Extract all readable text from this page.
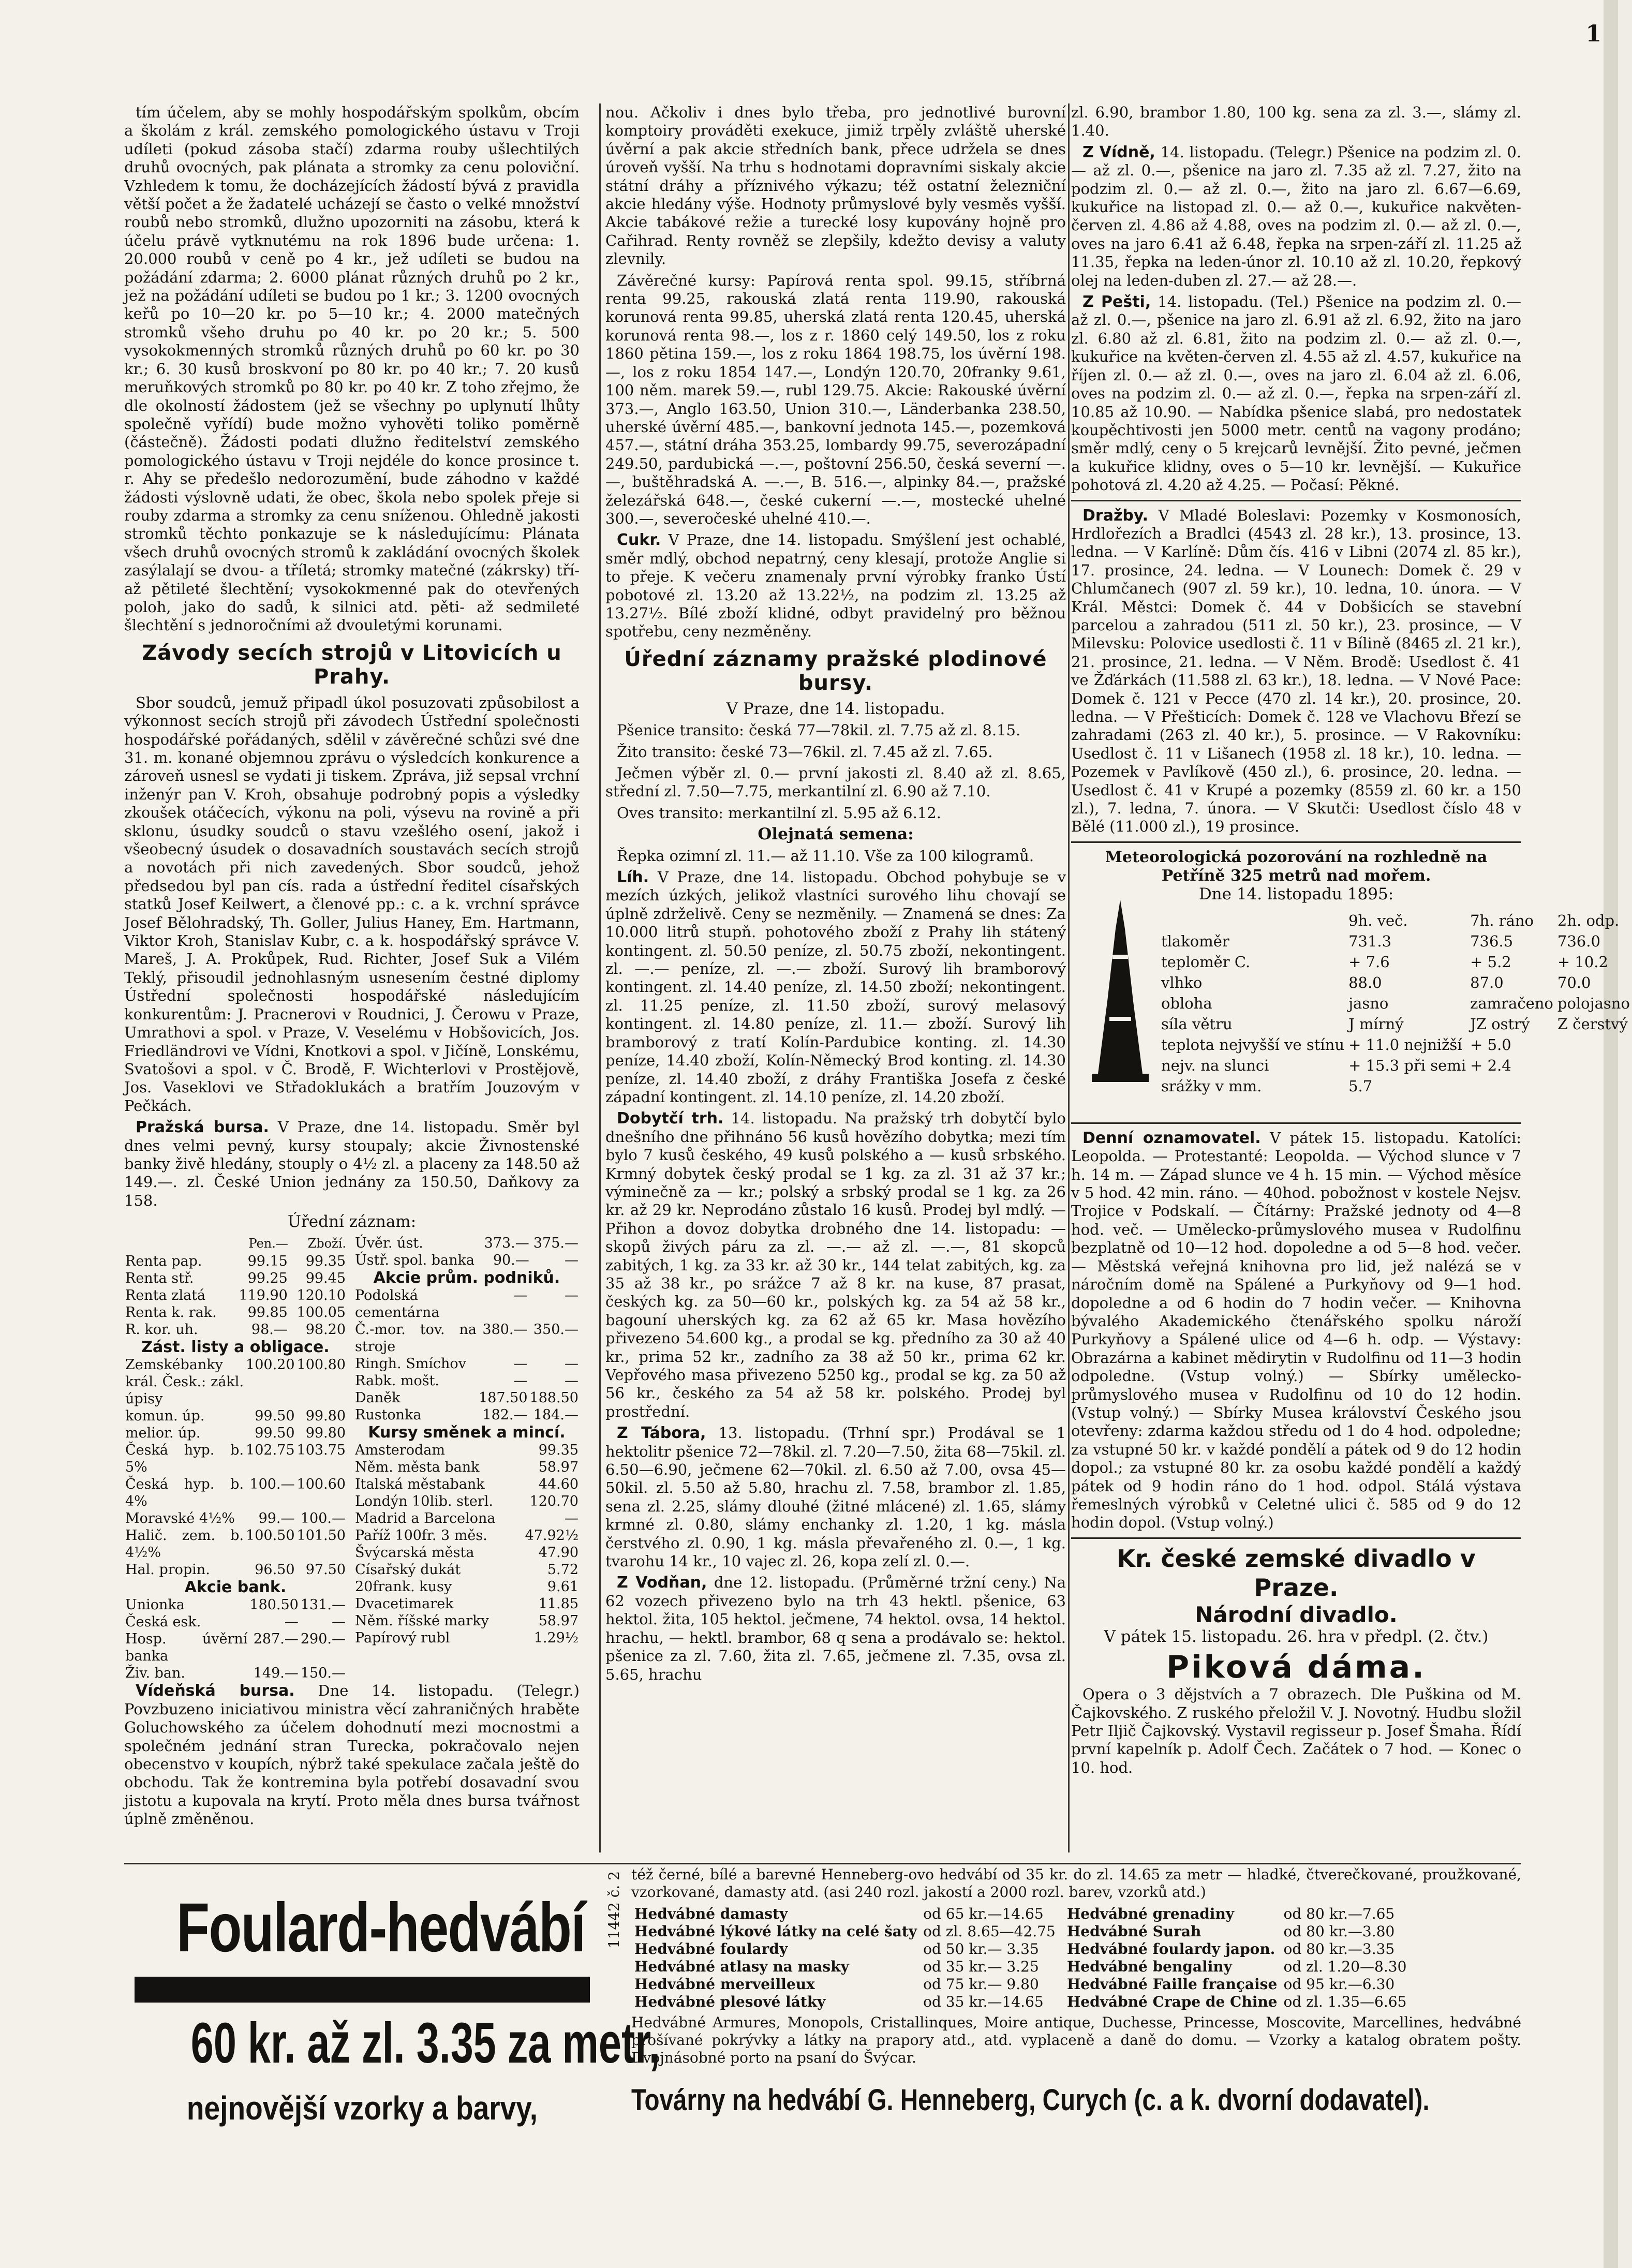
1

tím účelem, aby se mohly hospodářským spolkům, obcím a školám z král. zemského pomologického ústavu v Troji udíleti (pokud zásoba stačí) zdarma rouby ušlechtilých druhů ovocných, pak plánata a stromky za cenu poloviční. Vzhledem k tomu, že docházejících žádostí bývá z pravidla větší počet a že žadatelé ucházejí se často o velké množství roubů nebo stromků, dlužno upozorniti na zásobu, která k účelu právě vytknutému na rok 1896 bude určena: 1. 20.000 roubů v ceně po 4 kr., jež udíleti se budou na požádání zdarma; 2. 6000 plánat různých druhů po 2 kr., jež na požádání udíleti se budou po 1 kr.; 3. 1200 ovocných keřů po 10—20 kr. po 5—10 kr.; 4. 2000 matečných stromků všeho druhu po 40 kr. po 20 kr.; 5. 500 vysokokmenných stromků různých druhů po 60 kr. po 30 kr.; 6. 30 kusů broskvoní po 80 kr. po 40 kr.; 7. 20 kusů meruňkových stromků po 80 kr. po 40 kr. Z toho zřejmo, že dle okolností žádostem (jež se všechny po uplynutí lhůty společně vyřídí) bude možno vyhověti toliko poměrně (částečně). Žádosti podati dlužno ředitelství zemského pomologického ústavu v Troji nejdéle do konce prosince t. r. Ahy se předešlo nedorozumění, bude záhodno v každé žádosti výslovně udati, že obec, škola nebo spolek přeje si rouby zdarma a stromky za cenu sníženou. Ohledně jakosti stromků těchto ponkazuje se k následujícímu: Plánata všech druhů ovocných stromů k zakládání ovocných školek zasýlalají se dvou- a tříletá; stromky matečné (zákrsky) tří- až pětileté šlechtění; vysokokmenné pak do otevřených poloh, jako do sadů, k silnici atd. pěti- až sedmileté šlechtění s jednoročními až dvouletými korunami.

Závody secích strojů v Litovicích u Prahy.

Sbor soudců, jemuž připadl úkol posuzovati způsobilost a výkonnost secích strojů při závodech Ústřední společnosti hospodářské pořádaných, sdělil v závěrečné schůzi své dne 31. m. konané objemnou zprávu o výsledcích konkurence a zároveň usnesl se vydati ji tiskem. Zpráva, již sepsal vrchní inženýr pan V. Kroh, obsahuje podrobný popis a výsledky zkoušek otáčecích, výkonu na poli, výsevu na rovině a při sklonu, úsudky soudců o stavu vzešlého osení, jakož i všeobecný úsudek o dosavadních soustavách secích strojů a novotách při nich zavedených. Sbor soudců, jehož předsedou byl pan cís. rada a ústřední ředitel císařských statků Josef Keilwert, a členové pp.: c. a k. vrchní správce Josef Bělohradský, Th. Goller, Julius Haney, Em. Hartmann, Viktor Kroh, Stanislav Kubr, c. a k. hospodářský správce V. Mareš, J. A. Prokůpek, Rud. Richter, Josef Suk a Vilém Teklý, přisoudil jednohlasným usnesením čestné diplomy Ústřední společnosti hospodářské následujícím konkurentům: J. Pracnerovi v Roudnici, J. Čerowu v Praze, Umrathovi a spol. v Praze, V. Veselému v Hobšovicích, Jos. Friedländrovi ve Vídni, Knotkovi a spol. v Jičíně, Lonskému, Svatošovi a spol. v Č. Brodě, F. Wichterlovi v Prostějově, Jos. Vaseklovi ve Střadoklukách a bratřím Jouzovým v Pečkách.

Pražská bursa. V Praze, dne 14. listopadu. Směr byl dnes velmi pevný, kursy stoupaly; akcie Živnostenské banky živě hledány, stouply o 4½ zl. a placeny za 148.50 až 149.—. zl. České Union jednány za 150.50, Daňkovy za 158.

Úřední záznam:
	Pen.—	Zboží.
Renta pap.	99.15	99.35
Renta stř.	99.25	99.45
Renta zlatá	119.90	120.10
Renta k. rak.	99.85	100.05
R. kor. uh.	98.—	98.20
Zást. listy a obligace.
Zemskébanky král. Česk.: zákl. úpisy	100.20	100.80
komun. úp.	99.50	99.80
melior. úp.	99.50	99.80
Česká hyp. b. 5%	102.75	103.75
Česká hyp. b. 4%	100.—	100.60
Moravské 4½%	99.—	100.—
Halič. zem. b. 4½%	100.50	101.50
Hal. propin.	96.50	97.50
Akcie bank.
Unionka	180.50	131.—
Česká esk.	—	—
Hosp. úvěrní banka	287.—	290.—
Živ. ban.	149.—	150.—
Úvěr. úst.	373.—	375.—
Ústř. spol. banka	90.—	—
Akcie prům. podniků.
Podolská cementárna	—	—
Č.-mor. tov. na stroje	380.—	350.—
Ringh. Smíchov	—	—
Rabk. mošt.	—	—
Daněk	187.50	188.50
Rustonka	182.—	184.—
Kursy směnek a mincí.
Amsterodam	99.35
Něm. města bank	58.97
Italská městabank	44.60
Londýn 10lib. sterl.	120.70
Madrid a Barcelona	—
Paříž 100fr. 3 měs.	47.92½
Švýcarská města	47.90
Císařský dukát	5.72
20frank. kusy	9.61
Dvacetimarek	11.85
Něm. říšské marky	58.97
Papírový rubl	1.29½

Vídeňská bursa. Dne 14. listopadu. (Telegr.) Povzbuzeno iniciativou ministra věcí zahraničných hraběte Goluchowského za účelem dohodnutí mezi mocnostmi a společném jednání stran Turecka, pokračovalo nejen obecenstvo v koupích, nýbrž také spekulace začala ještě do obchodu. Tak že kontremina byla potřebí dosavadní svou jistotu a kupovala na krytí. Proto měla dnes bursa tvářnost úplně změněnou.

nou. Ačkoliv i dnes bylo třeba, pro jednotlivé burovní komptoiry prováděti exekuce, jimiž trpěly zvláště uherské úvěrní a pak akcie středních bank, přece udržela se dnes úroveň vyšší. Na trhu s hodnotami dopravními siskaly akcie státní dráhy a příznivého výkazu; též ostatní železniční akcie hledány výše. Hodnoty průmyslové byly vesměs vyšší. Akcie tabákové režie a turecké losy kupovány hojně pro Cařihrad. Renty rovněž se zlepšily, kdežto devisy a valuty zlevnily.

Závěrečné kursy: Papírová renta spol. 99.15, stříbrná renta 99.25, rakouská zlatá renta 119.90, rakouská korunová renta 99.85, uherská zlatá renta 120.45, uherská korunová renta 98.—, los z r. 1860 celý 149.50, los z roku 1860 pětina 159.—, los z roku 1864 198.75, los úvěrní 198.—, los z roku 1854 147.—, Londýn 120.70, 20franky 9.61, 100 něm. marek 59.—, rubl 129.75. Akcie: Rakouské úvěrní 373.—, Anglo 163.50, Union 310.—, Länderbanka 238.50, uherské úvěrní 485.—, bankovní jednota 145.—, pozemková 457.—, státní dráha 353.25, lombardy 99.75, severozápadní 249.50, pardubická —.—, poštovní 256.50, česká severní —.—, buštěhradská A. —.—, B. 516.—, alpinky 84.—, pražské železářská 648.—, české cukerní —.—, mostecké uhelné 300.—, severočeské uhelné 410.—.

Cukr. V Praze, dne 14. listopadu. Smýšlení jest ochablé, směr mdlý, obchod nepatrný, ceny klesají, protože Anglie si to přeje. K večeru znamenaly první výrobky franko Ústí pobotové zl. 13.20 až 13.22½, na podzim zl. 13.25 až 13.27½. Bílé zboží klidné, odbyt pravidelný pro běžnou spotřebu, ceny nezměněny.

Úřední záznamy pražské plodinové bursy.
V Praze, dne 14. listopadu.

Pšenice transito: česká 77—78kil. zl. 7.75 až zl. 8.15.

Žito transito: české 73—76kil. zl. 7.45 až zl. 7.65.

Ječmen výběr zl. 0.— první jakosti zl. 8.40 až zl. 8.65, střední zl. 7.50—7.75, merkantilní zl. 6.90 až 7.10.

Oves transito: merkantilní zl. 5.95 až 6.12.

Olejnatá semena:

Řepka ozimní zl. 11.— až 11.10. Vše za 100 kilogramů.

Líh. V Praze, dne 14. listopadu. Obchod pohybuje se v mezích úzkých, jelikož vlastníci surového lihu chovají se úplně zdrželivě. Ceny se nezměnily. — Znamená se dnes: Za 10.000 litrů stupň. pohotového zboží z Prahy lih státený kontingent. zl. 50.50 peníze, zl. 50.75 zboží, nekontingent. zl. —.— peníze, zl. —.— zboží. Surový lih bramborový kontingent. zl. 14.40 peníze, zl. 14.50 zboží; nekontingent. zl. 11.25 peníze, zl. 11.50 zboží, surový melasový kontingent. zl. 14.80 peníze, zl. 11.— zboží. Surový lih bramborový z tratí Kolín-Pardubice konting. zl. 14.30 peníze, 14.40 zboží, Kolín-Německý Brod konting. zl. 14.30 peníze, zl. 14.40 zboží, z dráhy Františka Josefa z české západní kontingent. zl. 14.10 peníze, zl. 14.20 zboží.

Dobytčí trh. 14. listopadu. Na pražský trh dobytčí bylo dnešního dne přihnáno 56 kusů hovězího dobytka; mezi tím bylo 7 kusů českého, 49 kusů polského a — kusů srbského. Krmný dobytek český prodal se 1 kg. za zl. 31 až 37 kr.; výminečně za — kr.; polský a srbský prodal se 1 kg. za 26 kr. až 29 kr. Neprodáno zůstalo 16 kusů. Prodej byl mdlý. — Přihon a dovoz dobytka drobného dne 14. listopadu: — skopů živých páru za zl. —.— až zl. —.—, 81 skopců zabitých, 1 kg. za 33 kr. až 30 kr., 144 telat zabitých, kg. za 35 až 38 kr., po srážce 7 až 8 kr. na kuse, 87 prasat, českých kg. za 50—60 kr., polských kg. za 54 až 58 kr., bagouní uherských kg. za 62 až 65 kr. Masa hovězího přivezeno 54.600 kg., a prodal se kg. předního za 30 až 40 kr., prima 52 kr., zadního za 38 až 50 kr., prima 62 kr. Vepřového masa přivezeno 5250 kg., prodal se kg. za 50 až 56 kr., českého za 54 až 58 kr. polského. Prodej byl prostřední.

Z Tábora, 13. listopadu. (Trhní spr.) Prodával se 1 hektolitr pšenice 72—78kil. zl. 7.20—7.50, žita 68—75kil. zl. 6.50—6.90, ječmene 62—70kil. zl. 6.50 až 7.00, ovsa 45—50kil. zl. 5.50 až 5.80, hrachu zl. 7.58, brambor zl. 1.85, sena zl. 2.25, slámy dlouhé (žitné mlácené) zl. 1.65, slámy krmné zl. 0.80, slámy enchanky zl. 1.20, 1 kg. másla čerstvého zl. 0.90, 1 kg. másla převařeného zl. 0.—, 1 kg. tvarohu 14 kr., 10 vajec zl. 26, kopa zelí zl. 0.—.

Z Vodňan, dne 12. listopadu. (Průměrné tržní ceny.) Na 62 vozech přivezeno bylo na trh 43 hektl. pšenice, 63 hektol. žita, 105 hektol. ječmene, 74 hektol. ovsa, 14 hektol. hrachu, — hektl. brambor, 68 q sena a prodávalo se: hektol. pšenice za zl. 7.60, žita zl. 7.65, ječmene zl. 7.35, ovsa zl. 5.65, hrachu

zl. 6.90, brambor 1.80, 100 kg. sena za zl. 3.—, slámy zl. 1.40.

Z Vídně, 14. listopadu. (Telegr.) Pšenice na podzim zl. 0.— až zl. 0.—, pšenice na jaro zl. 7.35 až zl. 7.27, žito na podzim zl. 0.— až zl. 0.—, žito na jaro zl. 6.67—6.69, kukuřice na listopad zl. 0.— až 0.—, kukuřice nakvěten-červen zl. 4.86 až 4.88, oves na podzim zl. 0.— až zl. 0.—, oves na jaro 6.41 až 6.48, řepka na srpen-září zl. 11.25 až 11.35, řepka na leden-únor zl. 10.10 až zl. 10.20, řepkový olej na leden-duben zl. 27.— až 28.—.

Z Pešti, 14. listopadu. (Tel.) Pšenice na podzim zl. 0.— až zl. 0.—, pšenice na jaro zl. 6.91 až zl. 6.92, žito na jaro zl. 6.80 až zl. 6.81, žito na podzim zl. 0.— až zl. 0.—, kukuřice na květen-červen zl. 4.55 až zl. 4.57, kukuřice na říjen zl. 0.— až zl. 0.—, oves na jaro zl. 6.04 až zl. 6.06, oves na podzim zl. 0.— až zl. 0.—, řepka na srpen-září zl. 10.85 až 10.90. — Nabídka pšenice slabá, pro nedostatek koupěchtivosti jen 5000 metr. centů na vagony prodáno; směr mdlý, ceny o 5 krejcarů levnější. Žito pevné, ječmen a kukuřice klidny, oves o 5—10 kr. levnější. — Kukuřice pohotová zl. 4.20 až 4.25. — Počasí: Pěkné.

Dražby. V Mladé Boleslavi: Pozemky v Kosmonosích, Hrdlořezích a Bradlci (4543 zl. 28 kr.), 13. prosince, 13. ledna. — V Karlíně: Dům čís. 416 v Libni (2074 zl. 85 kr.), 17. prosince, 24. ledna. — V Lounech: Domek č. 29 v Chlumčanech (907 zl. 59 kr.), 10. ledna, 10. února. — V Král. Městci: Domek č. 44 v Dobšicích se stavební parcelou a zahradou (511 zl. 50 kr.), 23. prosince, — V Milevsku: Polovice usedlosti č. 11 v Bílině (8465 zl. 21 kr.), 21. prosince, 21. ledna. — V Něm. Brodě: Usedlost č. 41 ve Žďárkách (11.588 zl. 63 kr.), 18. ledna. — V Nové Pace: Domek č. 121 v Pecce (470 zl. 14 kr.), 20. prosince, 20. ledna. — V Přešticích: Domek č. 128 ve Vlachovu Březí se zahradami (263 zl. 40 kr.), 5. prosince. — V Rakovníku: Usedlost č. 11 v Lišanech (1958 zl. 18 kr.), 10. ledna. — Pozemek v Pavlíkově (450 zl.), 6. prosince, 20. ledna. — Usedlost č. 41 v Krupé a pozemky (8559 zl. 60 kr. a 150 zl.), 7. ledna, 7. února. — V Skutči: Usedlost číslo 48 v Bělé (11.000 zl.), 19 prosince.

Meteorologická pozorování na rozhledně na Petříně 325 metrů nad mořem.
Dne 14. listopadu 1895:
	9h. več.	7h. ráno	2h. odp.
tlakoměr	731.3	736.5	736.0
teploměr C.	+ 7.6	+ 5.2	+ 10.2
vlhko	88.0	87.0	70.0
obloha	jasno	zamračeno	polojasno
síla větru	J mírný	JZ ostrý	Z čerstvý
teplota nejvyšší ve stínu	+ 11.0 nejnižší	+ 5.0	
nejv. na slunci	+ 15.3 při semi	+ 2.4	
srážky v mm.	5.7		

Denní oznamovatel. V pátek 15. listopadu. Katolíci: Leopolda. — Protestanté: Leopolda. — Východ slunce v 7 h. 14 m. — Západ slunce ve 4 h. 15 min. — Východ měsíce v 5 hod. 42 min. ráno. — 40hod. pobožnost v kostele Nejsv. Trojice v Podskalí. — Čítárny: Pražské jednoty od 4—8 hod. več. — Umělecko-průmyslového musea v Rudolfinu bezplatně od 10—12 hod. dopoledne a od 5—8 hod. večer. — Městská veřejná knihovna pro lid, jež nalézá se v náročním domě na Spálené a Purkyňovy od 9—1 hod. dopoledne a od 6 hodin do 7 hodin večer. — Knihovna bývalého Akademického čtenářského spolku nároží Purkyňovy a Spálené ulice od 4—6 h. odp. — Výstavy: Obrazárna a kabinet mědirytin v Rudolfinu od 11—3 hodin odpoledne. (Vstup volný.) — Sbírky umělecko-průmyslového musea v Rudolfinu od 10 do 12 hodin. (Vstup volný.) — Sbírky Musea království Českého jsou otevřeny: zdarma každou středu od 1 do 4 hod. odpoledne; za vstupné 50 kr. v každé pondělí a pátek od 9 do 12 hodin dopol.; za vstupné 80 kr. za osobu každé pondělí a každý pátek od 9 hodin ráno do 1 hod. odpol. Stálá výstava řemeslných výrobků v Celetné ulici č. 585 od 9 do 12 hodin dopol. (Vstup volný.)

Kr. české zemské divadlo v Praze.
Národní divadlo.
V pátek 15. listopadu. 26. hra v předpl. (2. čtv.)
Piková dáma.

Opera o 3 dějstvích a 7 obrazech. Dle Puškina od M. Čajkovského. Z ruského přeložil V. J. Novotný. Hudbu složil Petr Iljič Čajkovský. Vystavil regisseur p. Josef Šmaha. Řídí první kapelník p. Adolf Čech. Začátek o 7 hod. — Konec o 10. hod.

Foulard-hedvábí
60 kr. až zl. 3.35 za metr,
nejnovější vzorky a barvy,
11442 č. 2 též černé, bílé a barevné Henneberg-ovo hedvábí od 35 kr. do zl. 14.65 za metr — hladké, čtverečkované, proužkované, vzorkované, damasty atd. (asi 240 rozl. jakostí a 2000 rozl. barev, vzorků atd.)
Hedvábné damasty	od 65 kr.—14.65
Hedvábné lýkové látky na celé šaty	od zl. 8.65—42.75
Hedvábné foulardy	od 50 kr.— 3.35
Hedvábné atlasy na masky	od 35 kr.— 3.25
Hedvábné merveilleux	od 75 kr.— 9.80
Hedvábné plesové látky	od 35 kr.—14.65
Hedvábné grenadiny	od 80 kr.—7.65
Hedvábné Surah	od 80 kr.—3.80
Hedvábné foulardy japon.	od 80 kr.—3.35
Hedvábné bengaliny	od zl. 1.20—8.30
Hedvábné Faille française	od 95 kr.—6.30
Hedvábné Crape de Chine	od zl. 1.35—6.65
Hedvábné Armures, Monopols, Cristallinques, Moire antique, Duchesse, Princesse, Moscovite, Marcellines, hedvábné prošívané pokrývky a látky na prapory atd., atd. vyplaceně a daně do domu. — Vzorky a katalog obratem pošty. Dvojnásobné porto na psaní do Švýcar.
Továrny na hedvábí G. Henneberg, Curych (c. a k. dvorní dodavatel).
